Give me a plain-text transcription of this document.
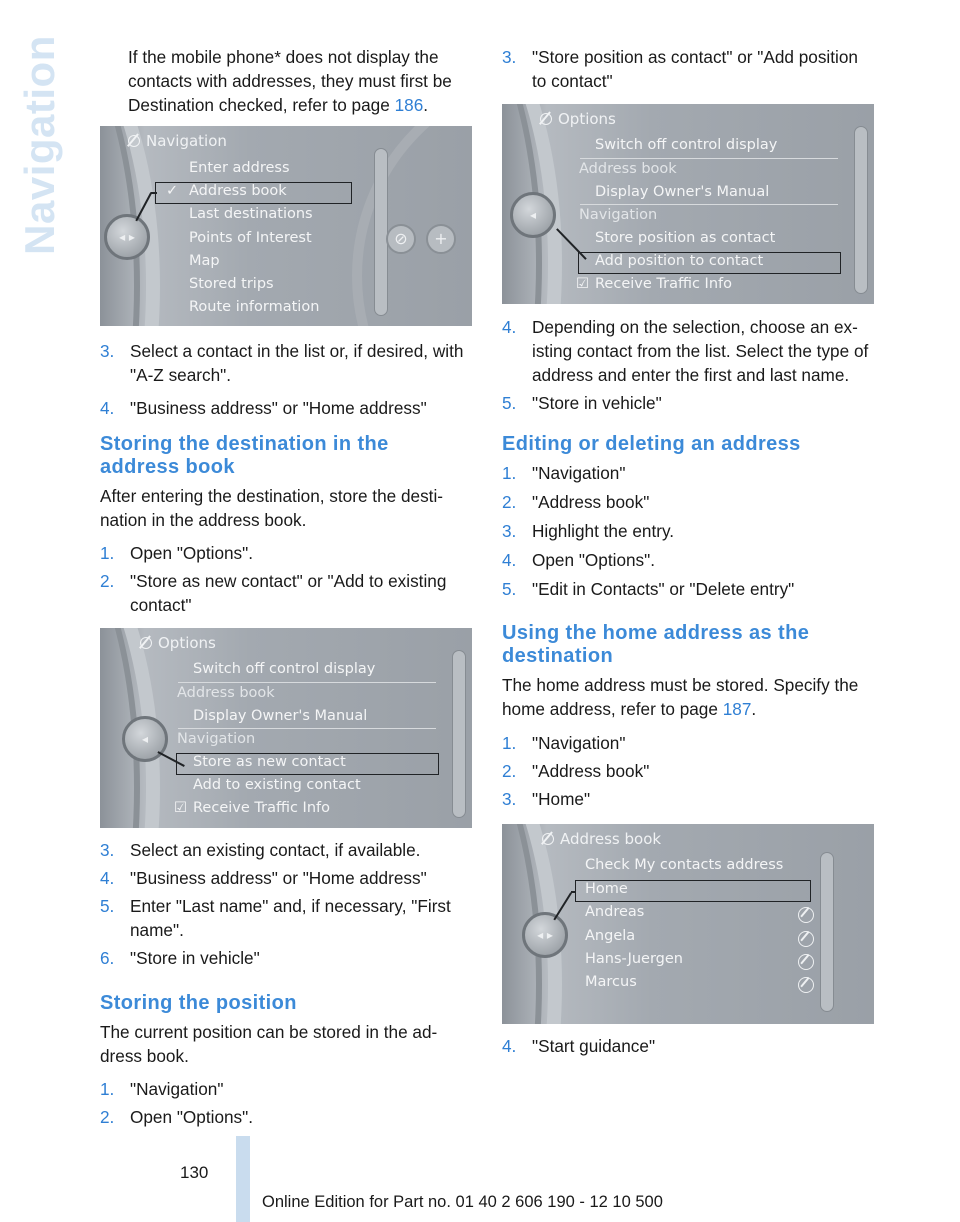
Navigation	If the mobile phone* does not display the contacts with addresses, they must first be Destination checked, refer to page 186.

◂ ▸
Navigation
⊘	+
Enter address
✓ Address book
Last destinations
Points of Interest
Map
Stored trips
Route information
3. Select a contact in the list or, if desired, with "A-Z search".
4. "Business address" or "Home address"
Storing the destination in the address book

After entering the destination, store the desti- nation in the address book.

1. Open "Options".
2. "Store as new contact" or "Add to existing contact"
◂
Options
Switch off control display
Address book
Display Owner's Manual
Navigation
Store as new contact
Add to existing contact
☑ Receive Traffic Info
3. Select an existing contact, if available.
4. "Business address" or "Home address"
5. Enter "Last name" and, if necessary, "First name".
6. "Store in vehicle"
Storing the position

The current position can be stored in the ad- dress book.

1. "Navigation"
2. Open "Options".
3. "Store position as contact" or "Add position to contact"
◂
Options
Switch off control display
Address book
Display Owner's Manual
Navigation
Store position as contact
Add position to contact
☑ Receive Traffic Info
4. Depending on the selection, choose an ex- isting contact from the list. Select the type of address and enter the first and last name.
5. "Store in vehicle"
Editing or deleting an address
1. "Navigation"
2. "Address book"
3. Highlight the entry.
4. Open "Options".
5. "Edit in Contacts" or "Delete entry"
Using the home address as the destination

The home address must be stored. Specify the home address, refer to page 187.

1. "Navigation"
2. "Address book"
3. "Home"
◂ ▸
Address book
Check My contacts address
Home
Andreas
Angela
Hans-Juergen
Marcus
4. "Start guidance"
130
Online Edition for Part no. 01 40 2 606 190 - 12 10 500
